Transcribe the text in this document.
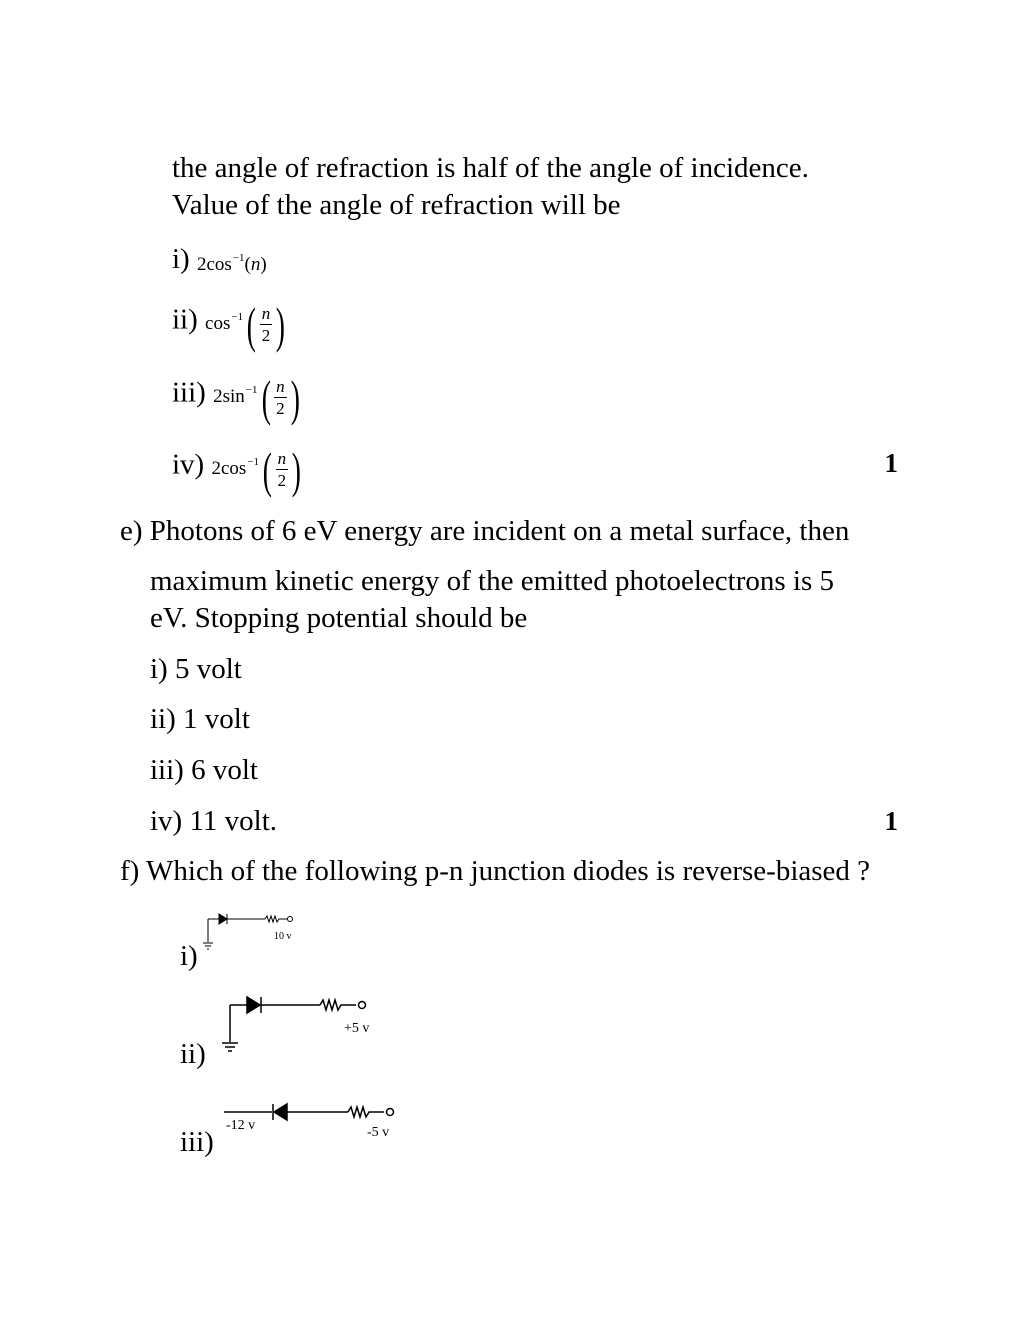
the angle of refraction is half of the angle of incidence.
Value of the angle of refraction will be
i) $2\cos^{-1}(n)$
ii) $\cos^{-1}( \frac{n}{2}$ )
iii) $2\sin^{-1}( \frac{n}{2}$ )
iv) $2\cos^{-1}( \frac{n}{2}$ )	1
e) Photons of 6 eV energy are incident on a metal surface, then
maximum kinetic energy of the emitted photoelectrons is 5
eV. Stopping potential should be
i) 5 volt
ii) 1 volt
iii) 6 volt
iv) 11 volt.	1
f) Which of the following p-n junction diodes is reverse-biased ?
i)
10 v
ii)
+5 v
iii)
-12 v	-5 v
